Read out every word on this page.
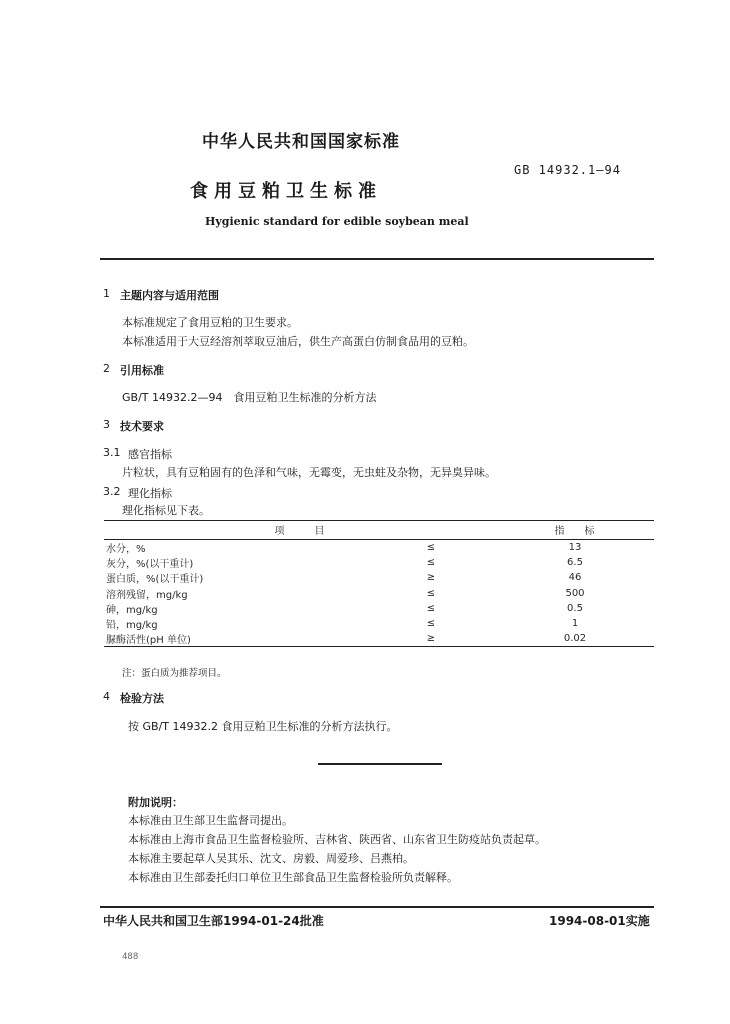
中华人民共和国国家标准
食用豆粕卫生标准
GB 14932.1—94
Hygienic standard for edible soybean meal
1 主题内容与适用范围
本标准规定了食用豆粕的卫生要求。
本标准适用于大豆经溶剂萃取豆油后，供生产高蛋白仿制食品用的豆粕。
2 引用标准
GB/T 14932.2—94　食用豆粕卫生标准的分析方法
3 技术要求
3.1 感官指标
片粒状，具有豆粕固有的色泽和气味，无霉变，无虫蛀及杂物，无异臭异味。
3.2 理化指标
理化指标见下表。
项　　　目		指　　标
水分，%	≤	13
灰分，%(以干重计)	≤	6.5
蛋白质，%(以干重计)	≥	46
溶剂残留，mg/kg	≤	500
砷，mg/kg	≤	0.5
铅，mg/kg	≤	1
脲酶活性(pH 单位)	≥	0.02
注：蛋白质为推荐项目。
4 检验方法
按 GB/T 14932.2 食用豆粕卫生标准的分析方法执行。
附加说明：
本标准由卫生部卫生监督司提出。
本标准由上海市食品卫生监督检验所、吉林省、陕西省、山东省卫生防疫站负责起草。
本标准主要起草人吴其乐、沈文、房毅、周爱珍、吕燕柏。
本标准由卫生部委托归口单位卫生部食品卫生监督检验所负责解释。
中华人民共和国卫生部1994-01-24批准	1994-08-01实施
488
